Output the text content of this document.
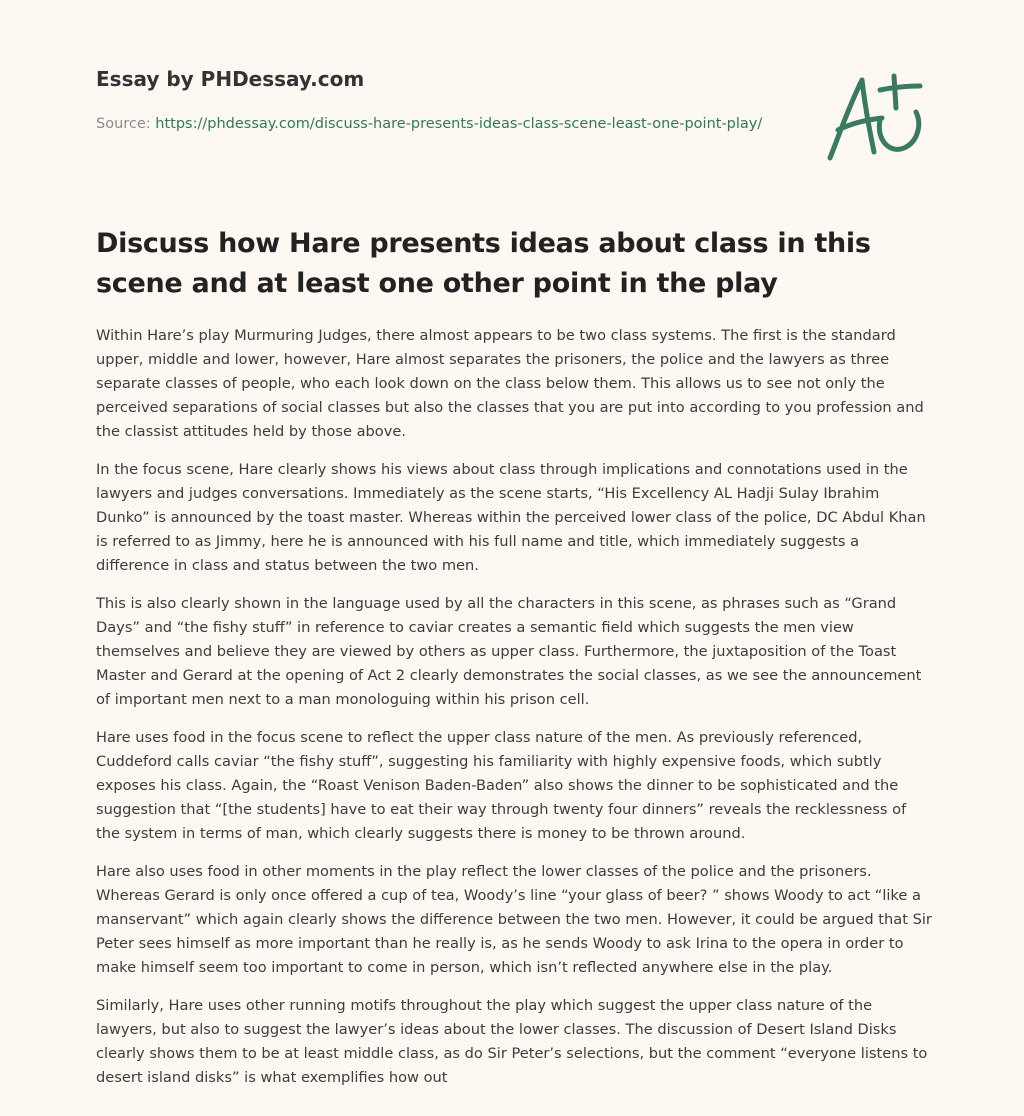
Essay by PHDessay.com
Source: https://phdessay.com/discuss-hare-presents-ideas-class-scene-least-one-point-play/
Discuss how Hare presents ideas about class in this scene and at least one other point in the play

Within Hare’s play Murmuring Judges, there almost appears to be two class systems. The first is the standard upper, middle and lower, however, Hare almost separates the prisoners, the police and the lawyers as three separate classes of people, who each look down on the class below them. This allows us to see not only the perceived separations of social classes but also the classes that you are put into according to you profession and the classist attitudes held by those above.

In the focus scene, Hare clearly shows his views about class through implications and connotations used in the lawyers and judges conversations. Immediately as the scene starts, “His Excellency AL Hadji Sulay Ibrahim Dunko” is announced by the toast master. Whereas within the perceived lower class of the police, DC Abdul Khan is referred to as Jimmy, here he is announced with his full name and title, which immediately suggests a difference in class and status between the two men.

This is also clearly shown in the language used by all the characters in this scene, as phrases such as “Grand Days” and “the fishy stuff” in reference to caviar creates a semantic field which suggests the men view themselves and believe they are viewed by others as upper class. Furthermore, the juxtaposition of the Toast Master and Gerard at the opening of Act 2 clearly demonstrates the social classes, as we see the announcement of important men next to a man monologuing within his prison cell.

Hare uses food in the focus scene to reflect the upper class nature of the men. As previously referenced, Cuddeford calls caviar “the fishy stuff”, suggesting his familiarity with highly expensive foods, which subtly exposes his class. Again, the “Roast Venison Baden-Baden” also shows the dinner to be sophisticated and the suggestion that “[the students] have to eat their way through twenty four dinners” reveals the recklessness of the system in terms of man, which clearly suggests there is money to be thrown around.

Hare also uses food in other moments in the play reflect the lower classes of the police and the prisoners. Whereas Gerard is only once offered a cup of tea, Woody’s line “your glass of beer? ” shows Woody to act “like a manservant” which again clearly shows the difference between the two men. However, it could be argued that Sir Peter sees himself as more important than he really is, as he sends Woody to ask Irina to the opera in order to make himself seem too important to come in person, which isn’t reflected anywhere else in the play.

Similarly, Hare uses other running motifs throughout the play which suggest the upper class nature of the lawyers, but also to suggest the lawyer’s ideas about the lower classes. The discussion of Desert Island Disks clearly shows them to be at least middle class, as do Sir Peter’s selections, but the comment “everyone listens to desert island disks” is what exemplifies how out
